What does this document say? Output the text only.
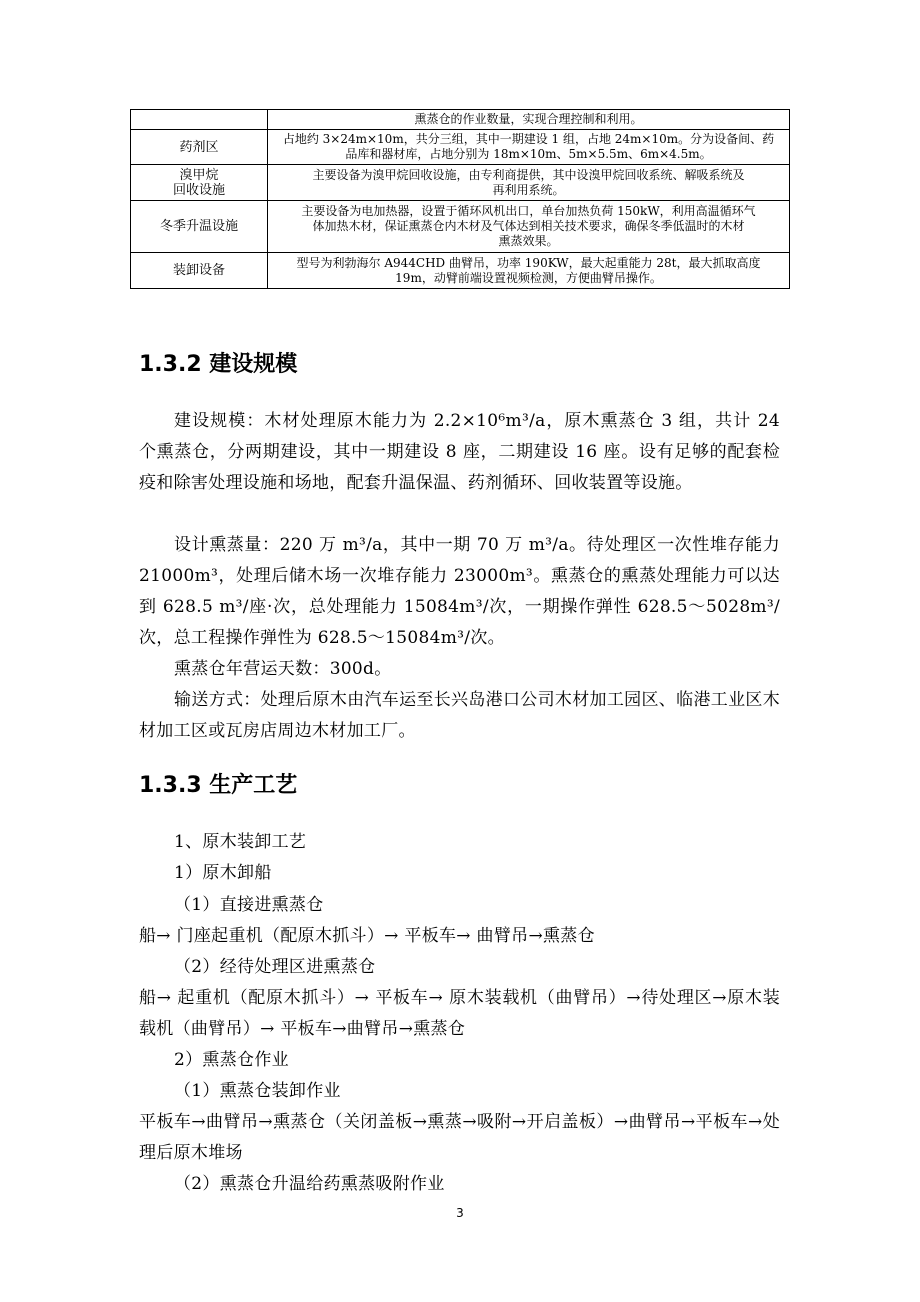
	熏蒸仓的作业数量，实现合理控制和利用。
药剂区	占地约 3×24m×10m，共分三组，其中一期建设 1 组，占地 24m×10m。分为设备间、药
品库和器材库，占地分别为 18m×10m、5m×5.5m、6m×4.5m。
溴甲烷
回收设施	主要设备为溴甲烷回收设施，由专利商提供，其中设溴甲烷回收系统、解吸系统及
再利用系统。
冬季升温设施	主要设备为电加热器，设置于循环风机出口，单台加热负荷 150kW，利用高温循环气
体加热木材，保证熏蒸仓内木材及气体达到相关技术要求，确保冬季低温时的木材
熏蒸效果。
装卸设备	型号为利勃海尔 A944CHD 曲臂吊，功率 190KW，最大起重能力 28t，最大抓取高度
19m，动臂前端设置视频检测，方便曲臂吊操作。
1.3.2 建设规模

建设规模：木材处理原木能力为 2.2×10⁶m³/a，原木熏蒸仓 3 组，共计 24 个熏蒸仓，分两期建设，其中一期建设 8 座，二期建设 16 座。设有足够的配套检疫和除害处理设施和场地，配套升温保温、药剂循环、回收装置等设施。

设计熏蒸量：220 万 m³/a，其中一期 70 万 m³/a。待处理区一次性堆存能力 21000m³，处理后储木场一次堆存能力 23000m³。熏蒸仓的熏蒸处理能力可以达到 628.5 m³/座·次，总处理能力 15084m³/次，一期操作弹性 628.5～5028m³/次，总工程操作弹性为 628.5～15084m³/次。

熏蒸仓年营运天数：300d。

输送方式：处理后原木由汽车运至长兴岛港口公司木材加工园区、临港工业区木材加工区或瓦房店周边木材加工厂。

1.3.3 生产工艺

1、原木装卸工艺

1）原木卸船

（1）直接进熏蒸仓

船→ 门座起重机（配原木抓斗）→ 平板车→ 曲臂吊→熏蒸仓

（2）经待处理区进熏蒸仓

船→ 起重机（配原木抓斗）→ 平板车→ 原木装载机（曲臂吊）→待处理区→原木装载机（曲臂吊）→ 平板车→曲臂吊→熏蒸仓

2）熏蒸仓作业

（1）熏蒸仓装卸作业

平板车→曲臂吊→熏蒸仓（关闭盖板→熏蒸→吸附→开启盖板）→曲臂吊→平板车→处理后原木堆场

（2）熏蒸仓升温给药熏蒸吸附作业

3
